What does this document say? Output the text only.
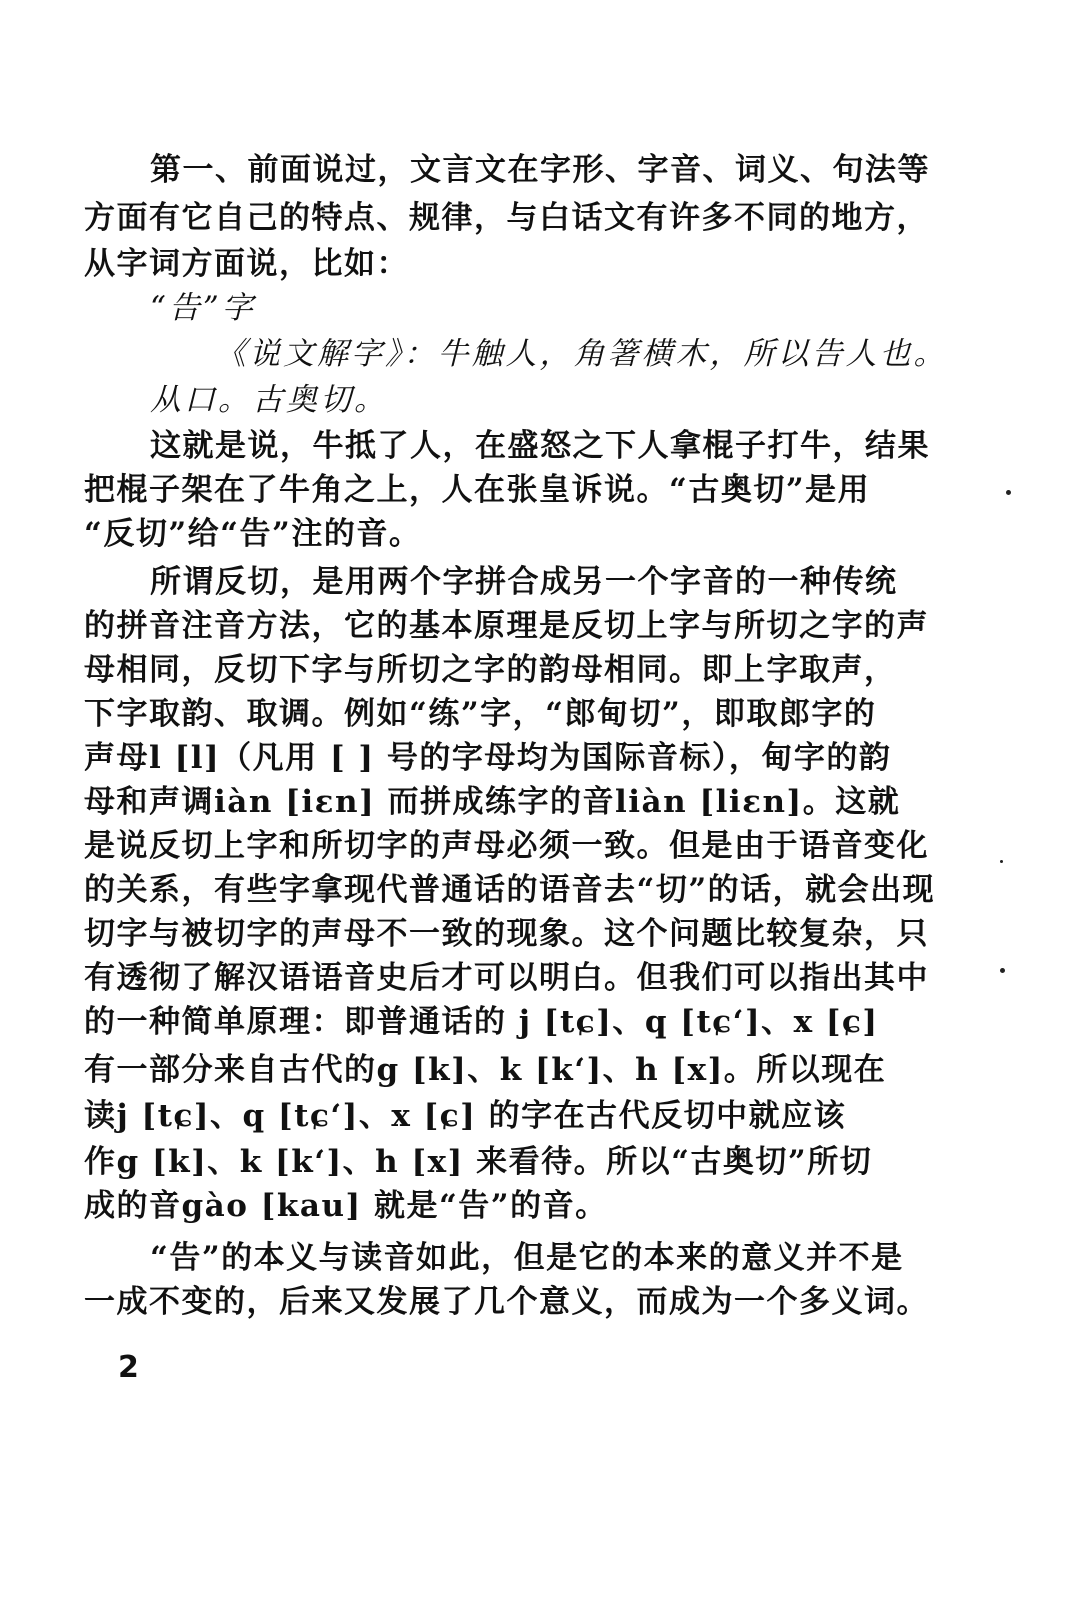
第一、前面说过，文言文在字形、字音、词义、句法等
方面有它自己的特点、规律，与白话文有许多不同的地方，
从字词方面说，比如：
“告”字
《说文解字》：牛触人，角箸横木，所以告人也。
从口。古奥切。
这就是说，牛抵了人，在盛怒之下人拿棍子打牛，结果
把棍子架在了牛角之上，人在张皇诉说。“古奥切”是用
“反切”给“告”注的音。
所谓反切，是用两个字拼合成另一个字音的一种传统
的拼音注音方法，它的基本原理是反切上字与所切之字的声
母相同，反切下字与所切之字的韵母相同。即上字取声，
下字取韵、取调。例如“练”字，“郎甸切”，即取郎字的
声母l [l]（凡用 [ ] 号的字母均为国际音标），甸字的韵
母和声调iàn [iɛn] 而拼成练字的音liàn [liɛn]。这就
是说反切上字和所切字的声母必须一致。但是由于语音变化
的关系，有些字拿现代普通话的语音去“切”的话，就会出现
切字与被切字的声母不一致的现象。这个问题比较复杂，只
有透彻了解汉语语音史后才可以明白。但我们可以指出其中
的一种简单原理：即普通话的 j [tɕ]、q [tɕʻ]、x [ɕ]
有一部分来自古代的g [k]、k [kʻ]、h [x]。所以现在
读j [tɕ]、q [tɕʻ]、x [ɕ] 的字在古代反切中就应该
作g [k]、k [kʻ]、h [x] 来看待。所以“古奥切”所切
成的音gào [kau] 就是“告”的音。
“告”的本义与读音如此，但是它的本来的意义并不是
一成不变的，后来又发展了几个意义，而成为一个多义词。
2
